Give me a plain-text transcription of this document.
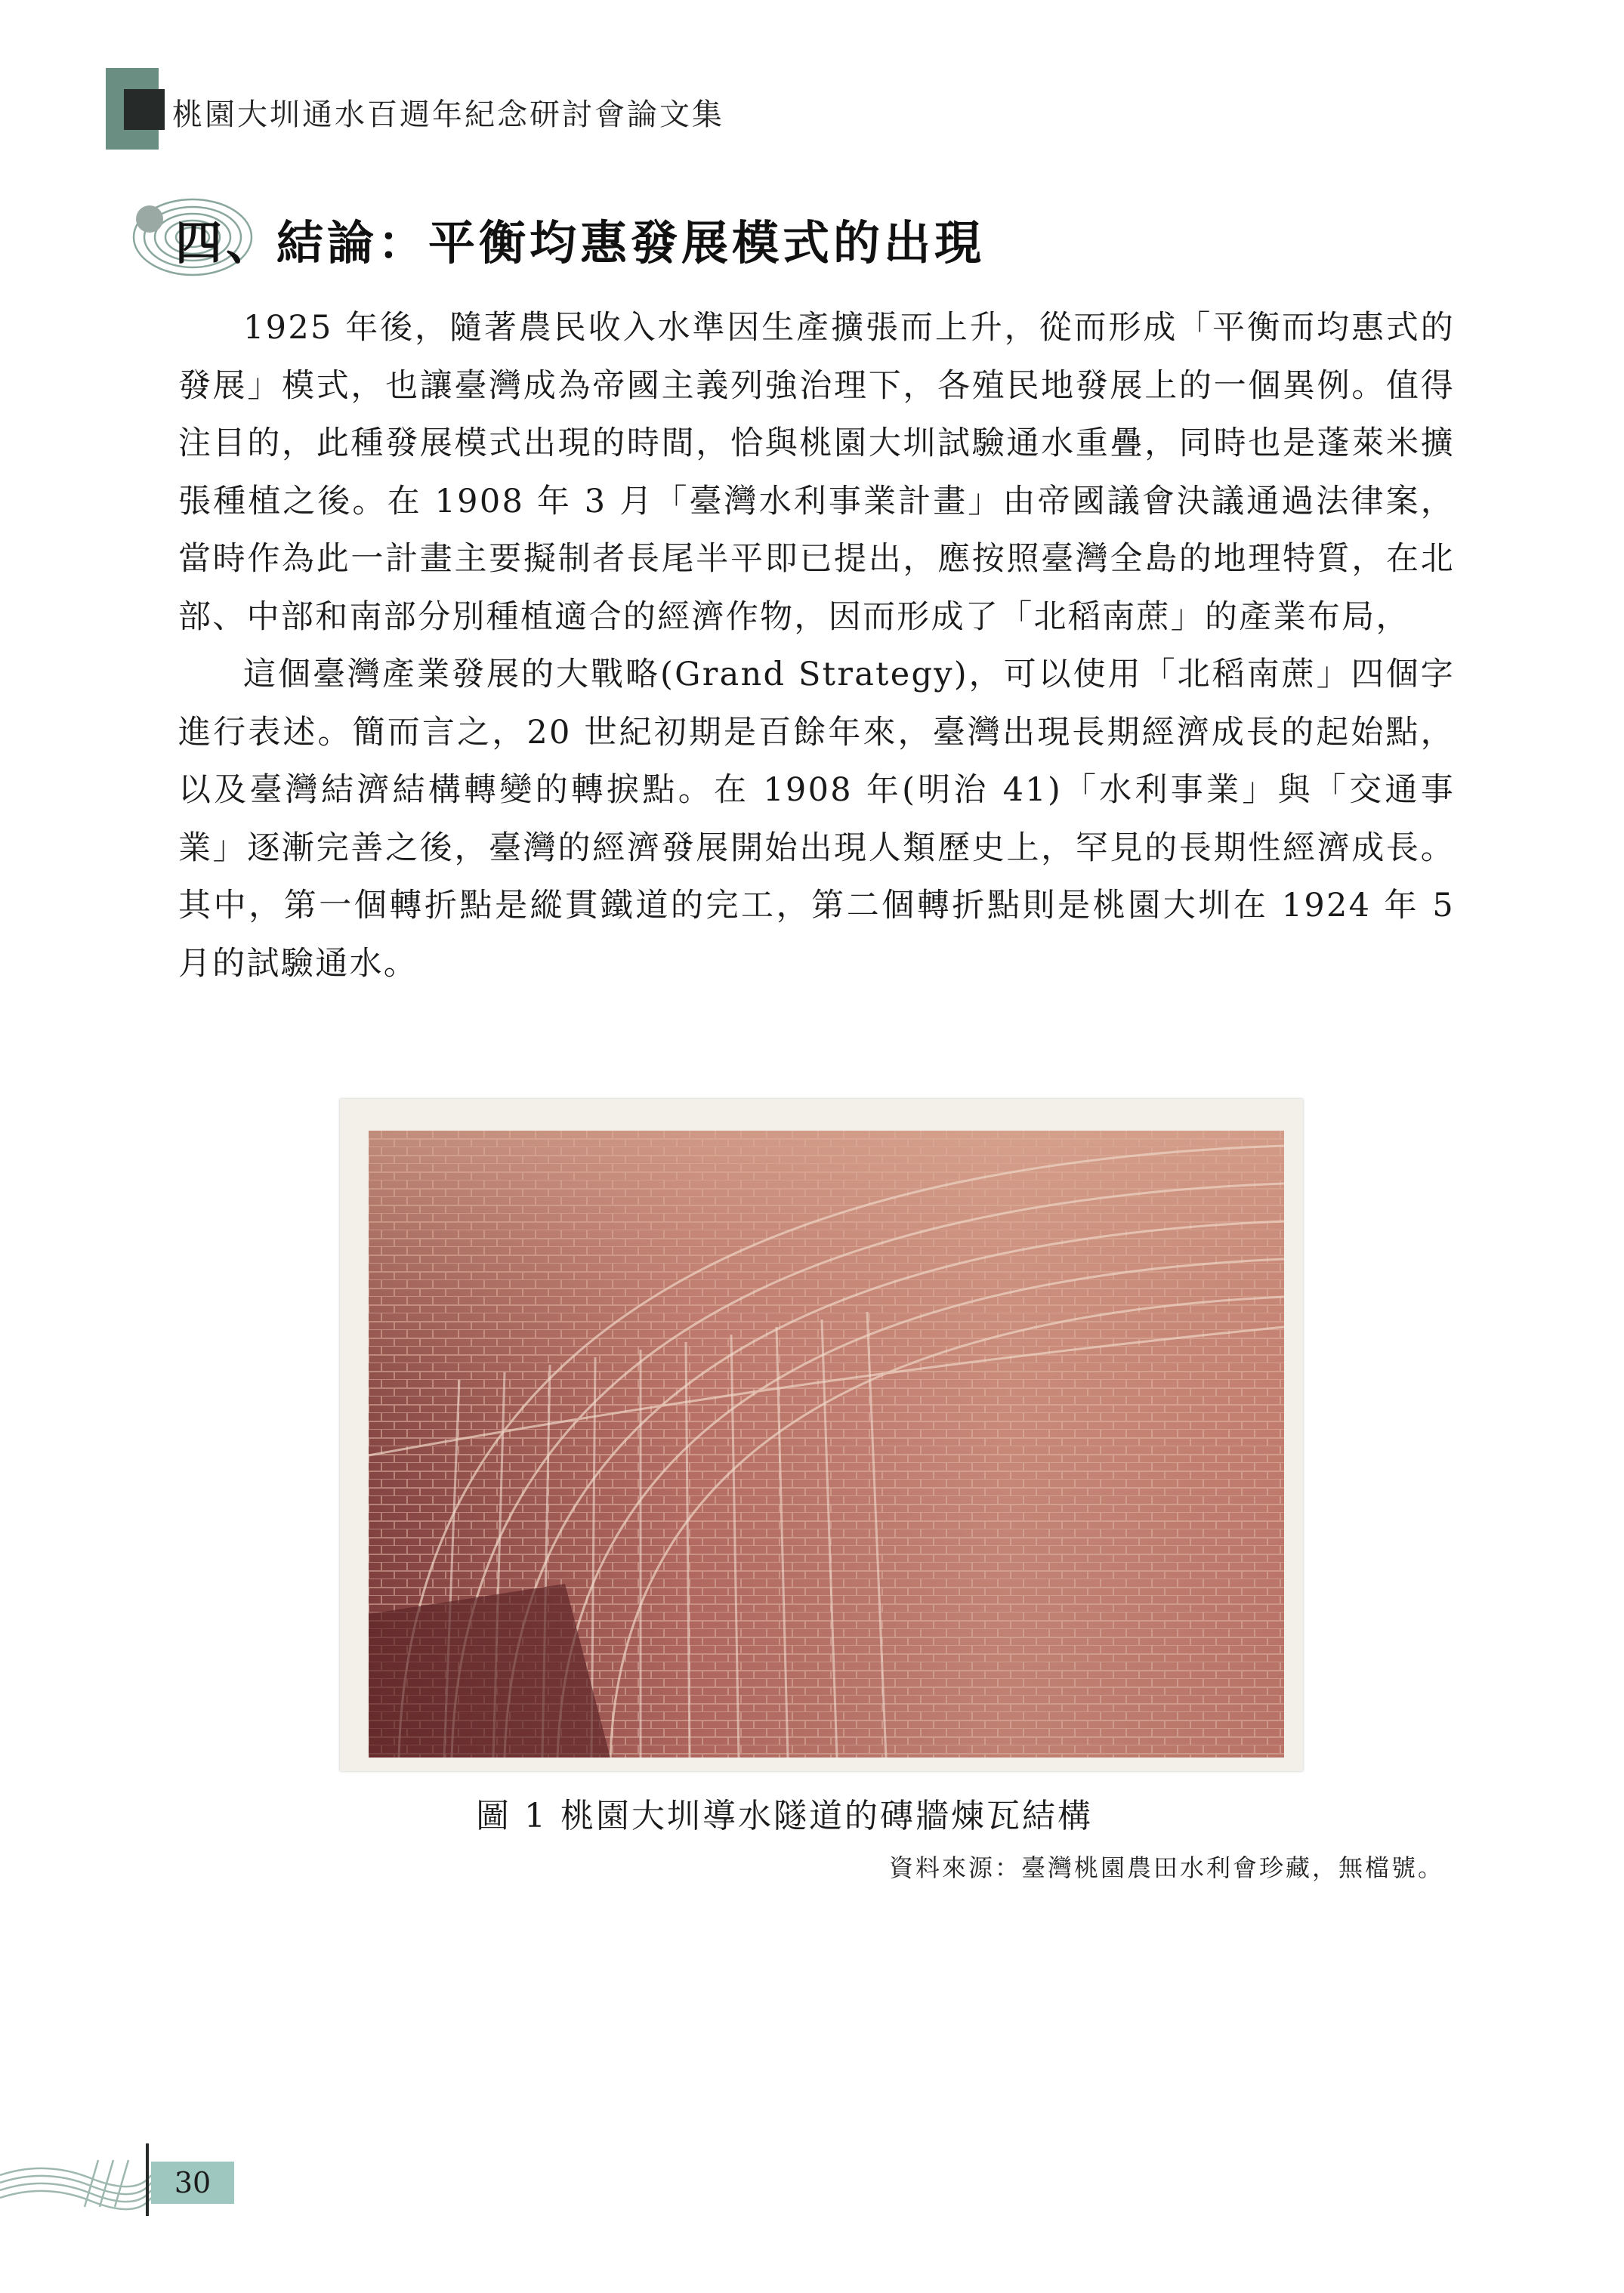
桃園大圳通水百週年紀念研討會論文集
四、結論：平衡均惠發展模式的出現

1925 年後，隨著農民收入水準因生產擴張而上升，從而形成「平衡而均惠式的發展」模式，也讓臺灣成為帝國主義列強治理下，各殖民地發展上的一個異例。值得注目的，此種發展模式出現的時間，恰與桃園大圳試驗通水重疊，同時也是蓬萊米擴張種植之後。在 1908 年 3 月「臺灣水利事業計畫」由帝國議會決議通過法律案，當時作為此一計畫主要擬制者長尾半平即已提出，應按照臺灣全島的地理特質，在北部、中部和南部分別種植適合的經濟作物，因而形成了「北稻南蔗」的產業布局，

這個臺灣產業發展的大戰略(Grand Strategy)，可以使用「北稻南蔗」四個字進行表述。簡而言之，20 世紀初期是百餘年來，臺灣出現長期經濟成長的起始點，以及臺灣結濟結構轉變的轉捩點。在 1908 年(明治 41)「水利事業」與「交通事業」逐漸完善之後，臺灣的經濟發展開始出現人類歷史上，罕見的長期性經濟成長。其中，第一個轉折點是縱貫鐵道的完工，第二個轉折點則是桃園大圳在 1924 年 5 月的試驗通水。

圖 1 桃園大圳導水隧道的磚牆煉瓦結構
資料來源：臺灣桃園農田水利會珍藏，無檔號。
30
